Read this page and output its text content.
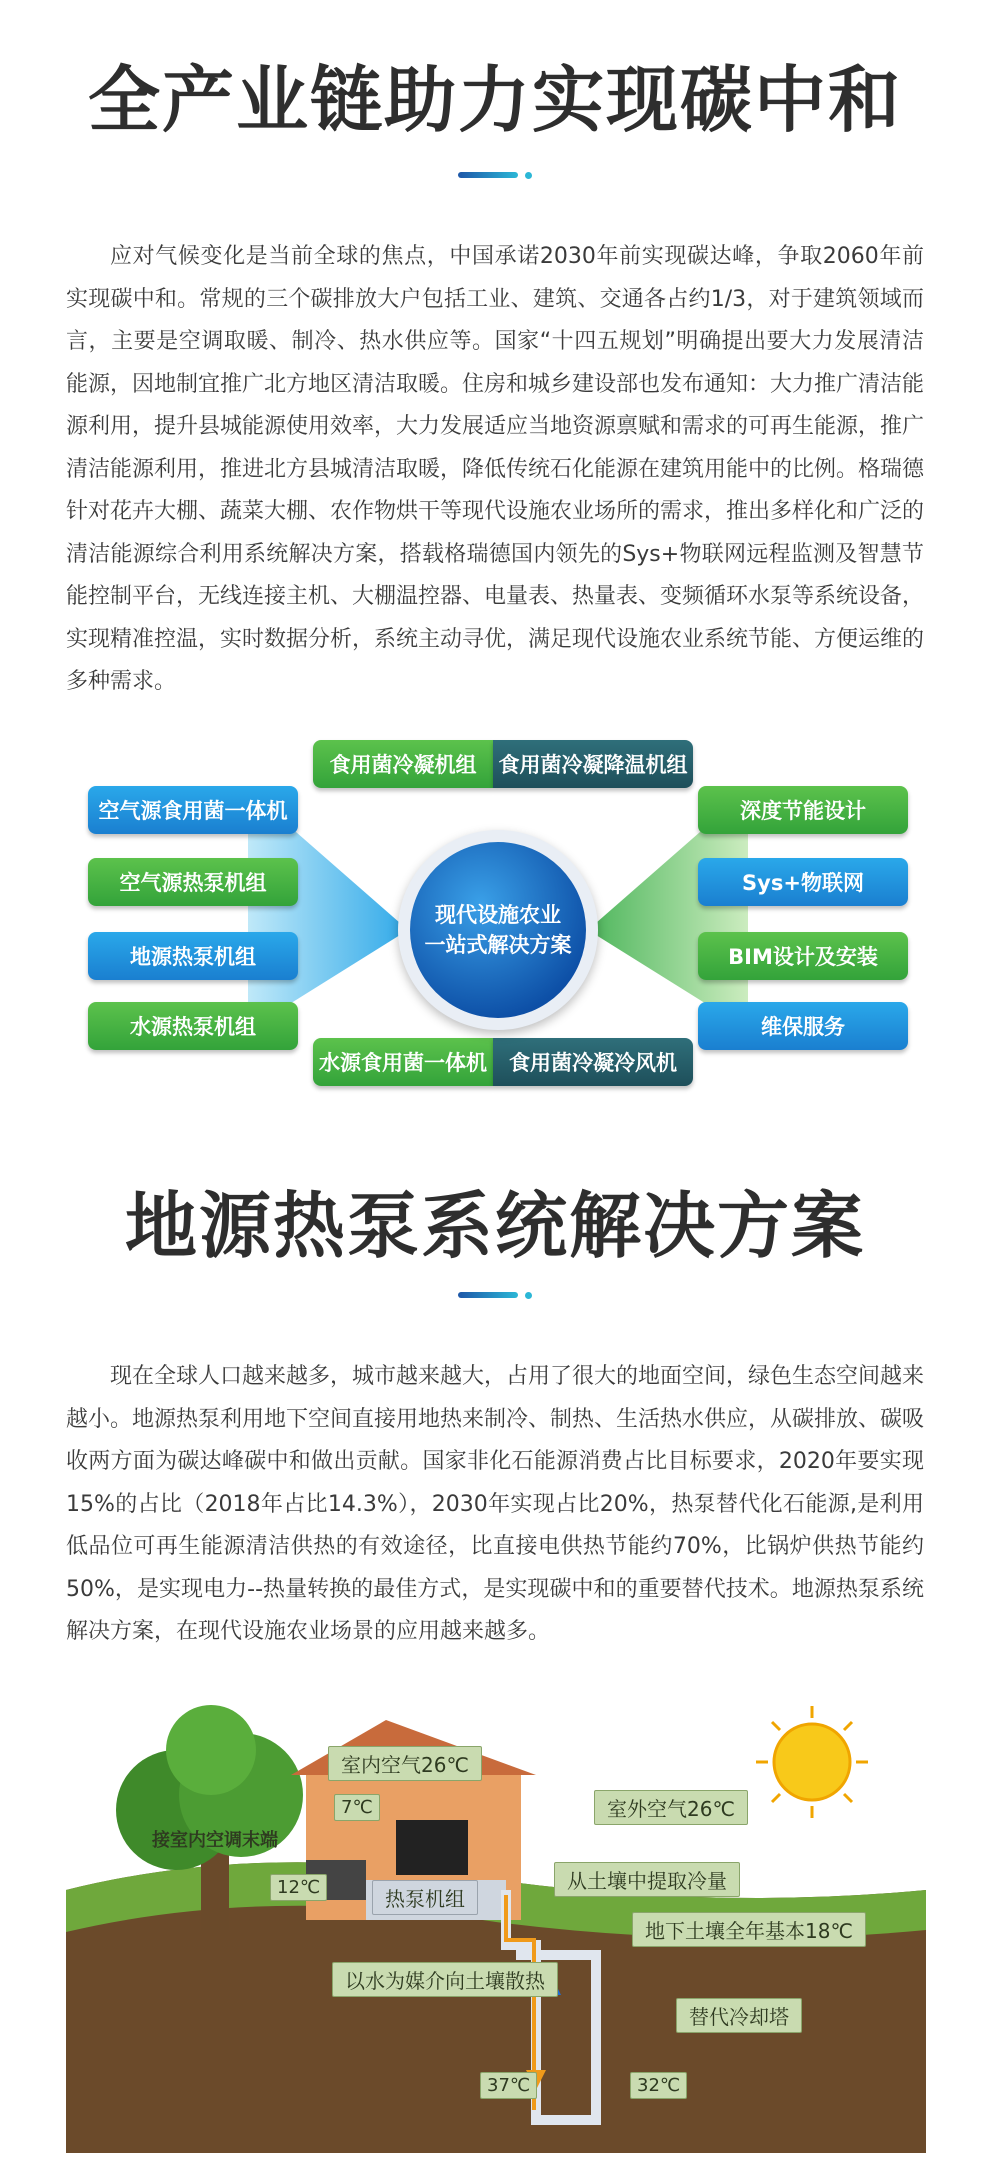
全产业链助力实现碳中和
应对气候变化是当前全球的焦点，中国承诺2030年前实现碳达峰，争取2060年前实现碳中和。常规的三个碳排放大户包括工业、建筑、交通各占约1/3，对于建筑领域而言，主要是空调取暖、制冷、热水供应等。国家“十四五规划”明确提出要大力发展清洁能源，因地制宜推广北方地区清洁取暖。住房和城乡建设部也发布通知：大力推广清洁能源利用，提升县城能源使用效率，大力发展适应当地资源禀赋和需求的可再生能源，推广清洁能源利用，推进北方县城清洁取暖，降低传统石化能源在建筑用能中的比例。格瑞德针对花卉大棚、蔬菜大棚、农作物烘干等现代设施农业场所的需求，推出多样化和广泛的清洁能源综合利用系统解决方案，搭载格瑞德国内领先的Sys+物联网远程监测及智慧节能控制平台，无线连接主机、大棚温控器、电量表、热量表、变频循环水泵等系统设备，实现精准控温，实时数据分析，系统主动寻优，满足现代设施农业系统节能、方便运维的多种需求。
空气源食用菌一体机
空气源热泵机组
地源热泵机组
水源热泵机组
深度节能设计
Sys+物联网
BIM设计及安装
维保服务
食用菌冷凝机组	食用菌冷凝降温机组
水源食用菌一体机	食用菌冷凝冷风机
现代设施农业
一站式解决方案
地源热泵系统解决方案
现在全球人口越来越多，城市越来越大，占用了很大的地面空间，绿色生态空间越来越小。地源热泵利用地下空间直接用地热来制冷、制热、生活热水供应，从碳排放、碳吸收两方面为碳达峰碳中和做出贡献。国家非化石能源消费占比目标要求，2020年要实现15%的占比（2018年占比14.3%），2030年实现占比20%，热泵替代化石能源,是利用低品位可再生能源清洁供热的有效途径，比直接电供热节能约70%，比锅炉供热节能约50%，是实现电力--热量转换的最佳方式，是实现碳中和的重要替代技术。地源热泵系统解决方案，在现代设施农业场景的应用越来越多。
室内空气26℃
7℃
接室内空调末端
12℃	热泵机组
室外空气26℃
从土壤中提取冷量
地下土壤全年基本18℃
以水为媒介向土壤散热
替代冷却塔
37℃	32℃
